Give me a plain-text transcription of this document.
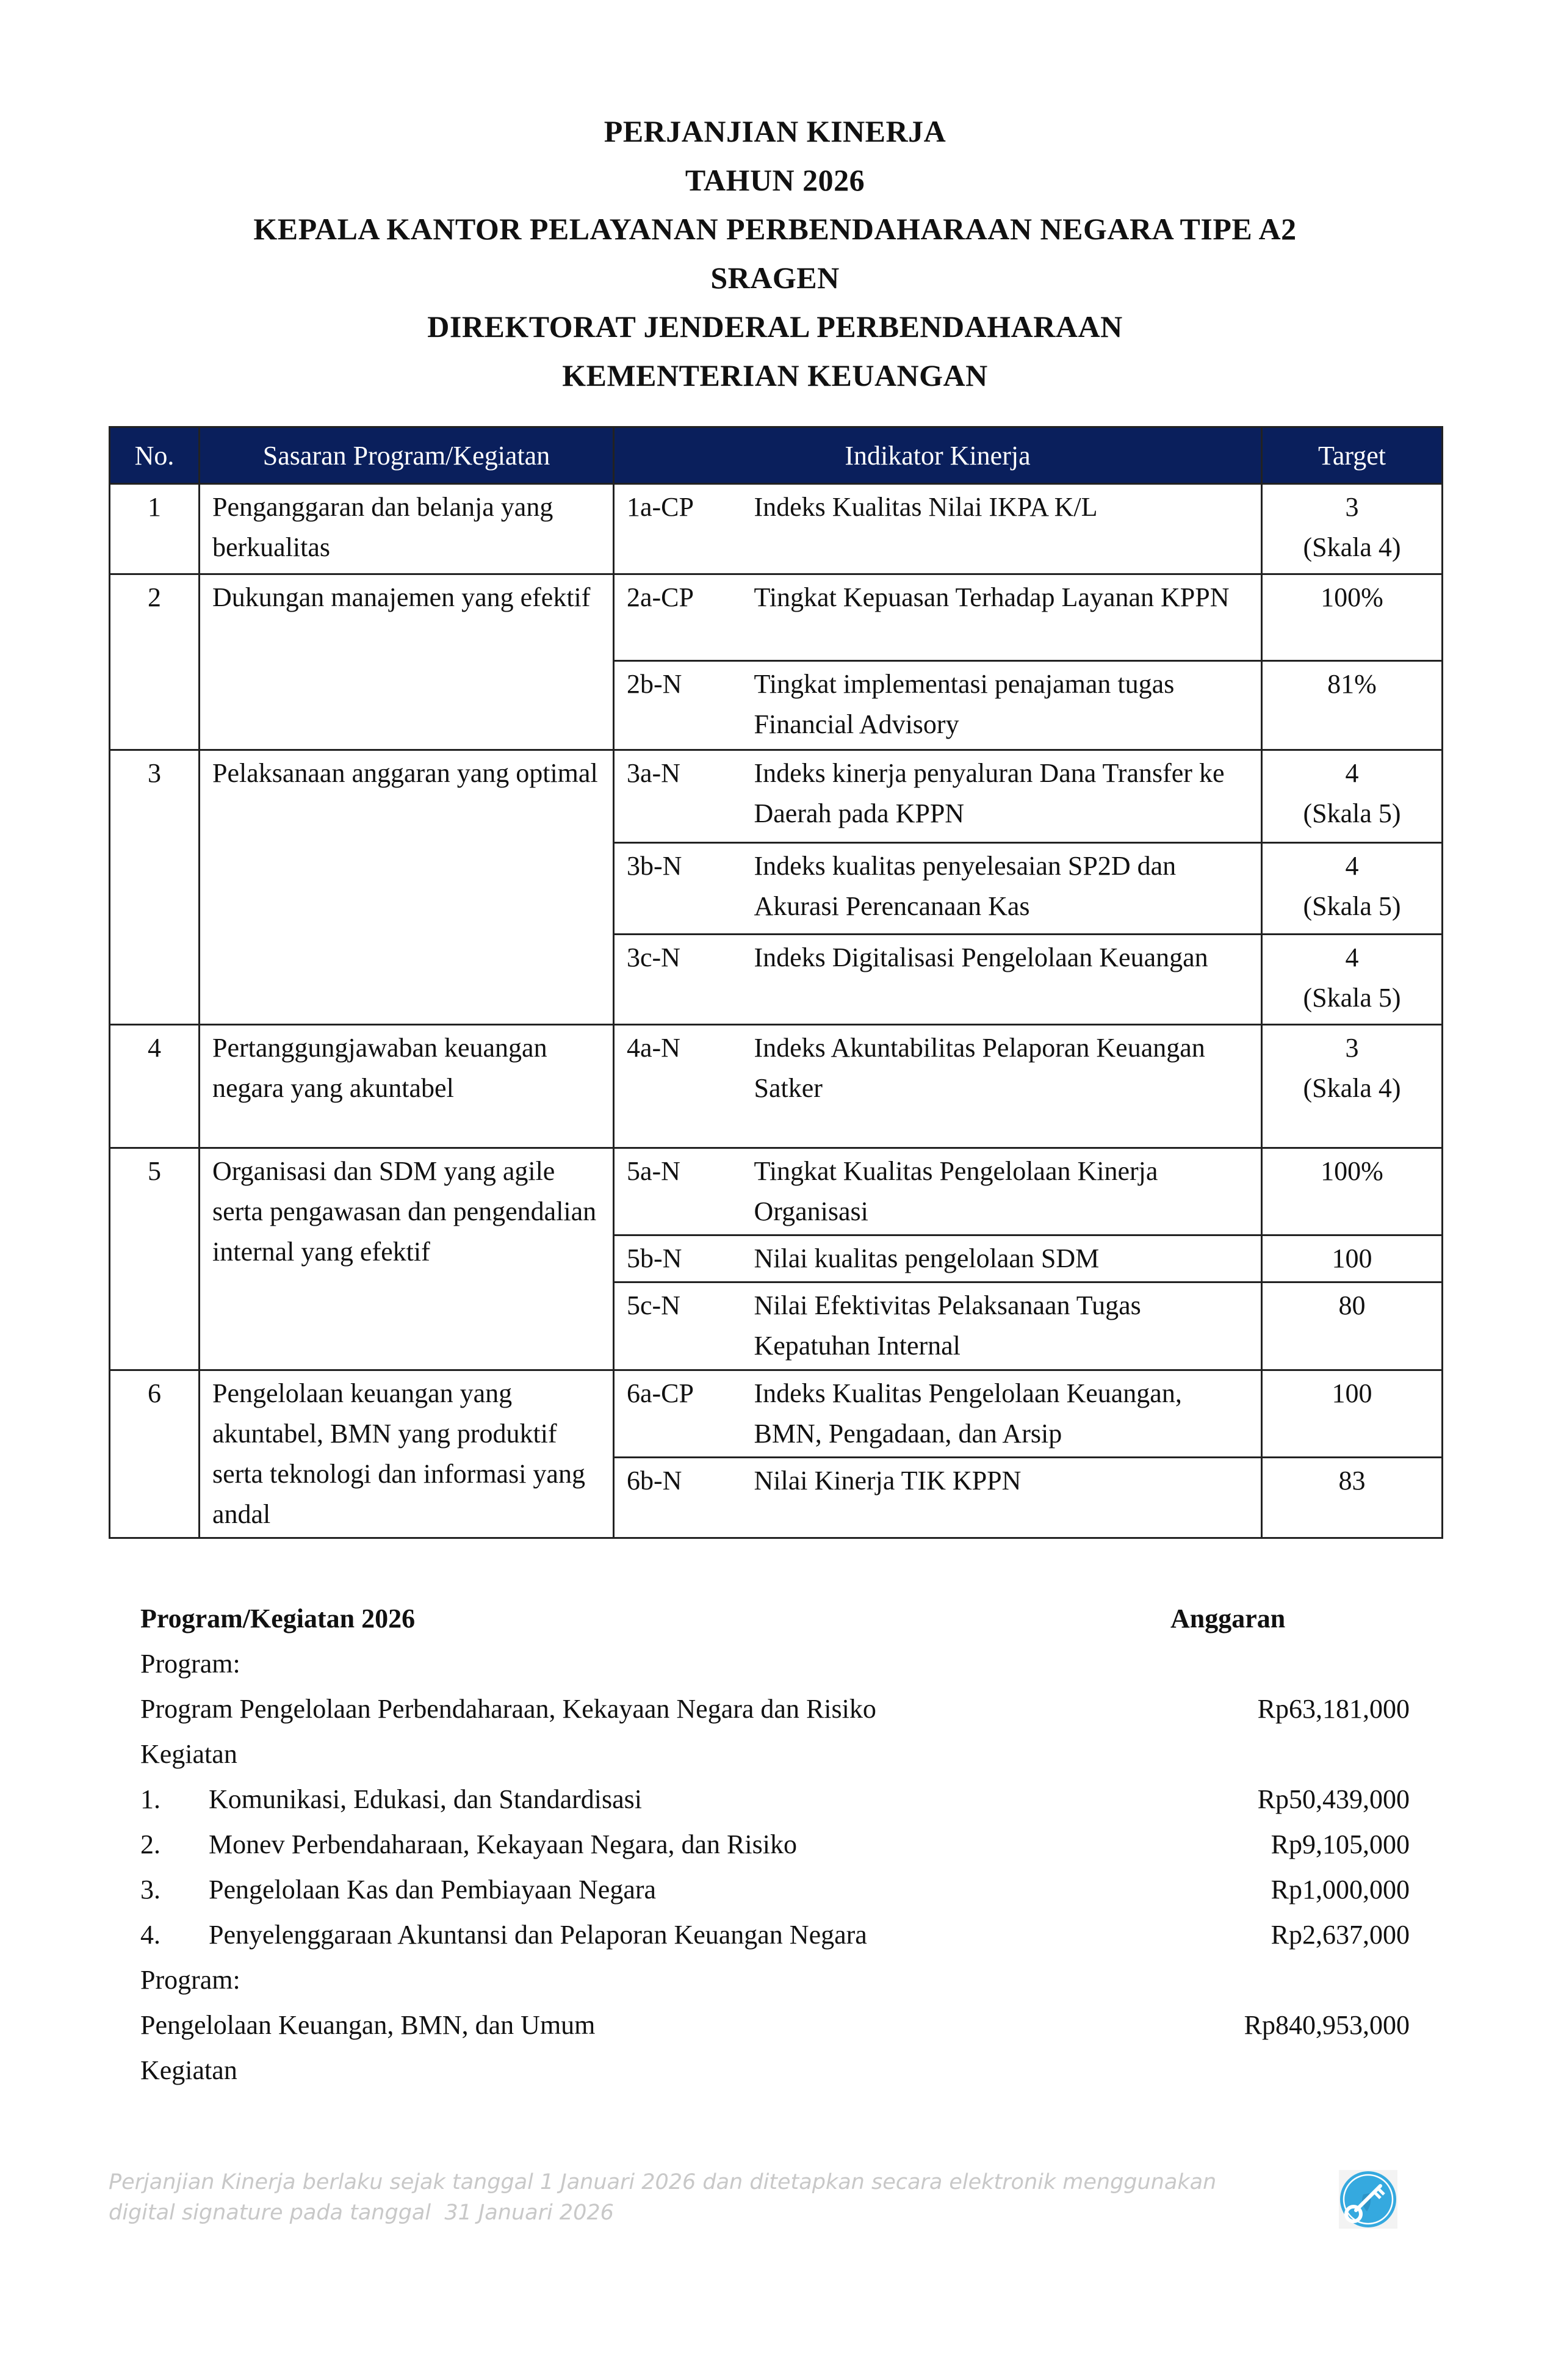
PERJANJIAN KINERJA
TAHUN 2026
KEPALA KANTOR PELAYANAN PERBENDAHARAAN NEGARA TIPE A2
SRAGEN
DIREKTORAT JENDERAL PERBENDAHARAAN
KEMENTERIAN KEUANGAN
No.	Sasaran Program/Kegiatan	Indikator Kinerja		Target
1	Penganggaran dan belanja yang berkualitas	1a-CP	Indeks Kualitas Nilai IKPA K/L	3
(Skala 4)

2	Dukungan manajemen yang efektif	2a-CP	Tingkat Kepuasan Terhadap Layanan KPPN	100%

		2b-N	Tingkat implementasi penajaman tugas Financial Advisory	81%

3	Pelaksanaan anggaran yang optimal	3a-N	Indeks kinerja penyaluran Dana Transfer ke Daerah pada KPPN	4
(Skala 5)

		3b-N	Indeks kualitas penyelesaian SP2D dan Akurasi Perencanaan Kas	4
(Skala 5)

		3c-N	Indeks Digitalisasi Pengelolaan Keuangan	4
(Skala 5)

4	Pertanggungjawaban keuangan negara yang akuntabel	4a-N	Indeks Akuntabilitas Pelaporan Keuangan Satker	3
(Skala 4)

5	Organisasi dan SDM yang agile serta pengawasan dan pengendalian internal yang efektif	5a-N	Tingkat Kualitas Pengelolaan Kinerja Organisasi	100%

		5b-N	Nilai kualitas pengelolaan SDM	100

		5c-N	Nilai Efektivitas Pelaksanaan Tugas Kepatuhan Internal	80

6	Pengelolaan keuangan yang akuntabel, BMN yang produktif serta teknologi dan informasi yang andal	6a-CP	Indeks Kualitas Pengelolaan Keuangan, BMN, Pengadaan, dan Arsip	100

		6b-N	Nilai Kinerja TIK KPPN	83
Program/Kegiatan 2026	Anggaran
Program:
Program Pengelolaan Perbendaharaan, Kekayaan Negara dan Risiko	Rp63,181,000
Kegiatan
1.	Komunikasi, Edukasi, dan Standardisasi	Rp50,439,000
2.	Monev Perbendaharaan, Kekayaan Negara, dan Risiko	Rp9,105,000
3.	Pengelolaan Kas dan Pembiayaan Negara	Rp1,000,000
4.	Penyelenggaraan Akuntansi dan Pelaporan Keuangan Negara	Rp2,637,000
Program:
Pengelolaan Keuangan, BMN, dan Umum	Rp840,953,000
Kegiatan
Perjanjian Kinerja berlaku sejak tanggal 1 Januari 2026 dan ditetapkan secara elektronik menggunakan
digital signature pada tanggal  31 Januari 2026
